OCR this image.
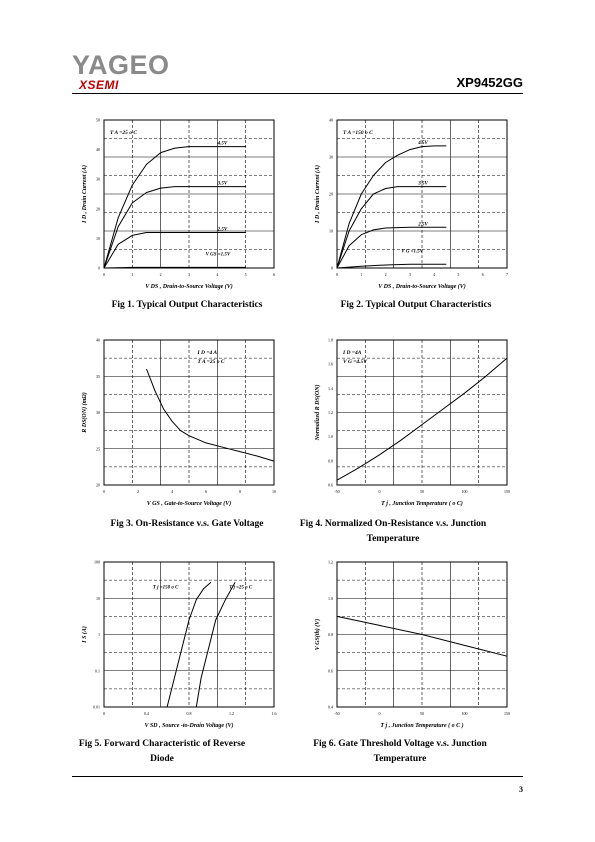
YAGEO
XSEMI	XP9452GG
0	1	2	3	4	5	6
0
10
20
30
40
50
V DS , Drain-to-Source Voltage (V)
I D , Drain Current (A)
4.5V
3.5V
2.5V
V GS =1.5V
T A =25 o C
0	1	2	3	4	5	6	7
0
10
20
30
40
V DS , Drain-to-Source Voltage (V)
I D , Drain Current (A)
4.5V
3.5V
2.5V
V G =1.5V
T A =150 o C
0	2	4	6	8	10
20
25
30
35
40
V GS , Gate-to-Source Voltage (V)
R DS(ON) (mΩ)
I D =4 A
T A =25 o C
-50	0	50	100	150
0.6
0.8
1.0
1.2
1.4
1.6
1.8
T j , Junction Temperature ( o C)
Normalized R DS(ON)
I D =4A
V G =4.5V
0	0.4	0.8	1.2	1.6
0.01
0.1
1
10
100
V SD , Source -to-Drain Voltage (V)
I S (A)
T j =150 o C	T j =25 o C
-50	0	50	100	150
0.4
0.6
0.8
1.0
1.2
T j , Junction Temperature ( o C )
V GS(th) (V)
Fig 1. Typical Output Characteristics	Fig 2. Typical Output Characteristics
Fig 3. On-Resistance v.s. Gate Voltage	Fig 4. Normalized On-Resistance v.s. Junction Temperature
Fig 5. Forward Characteristic of Reverse Diode
Fig 6. Gate Threshold Voltage v.s. Junction Temperature
3
